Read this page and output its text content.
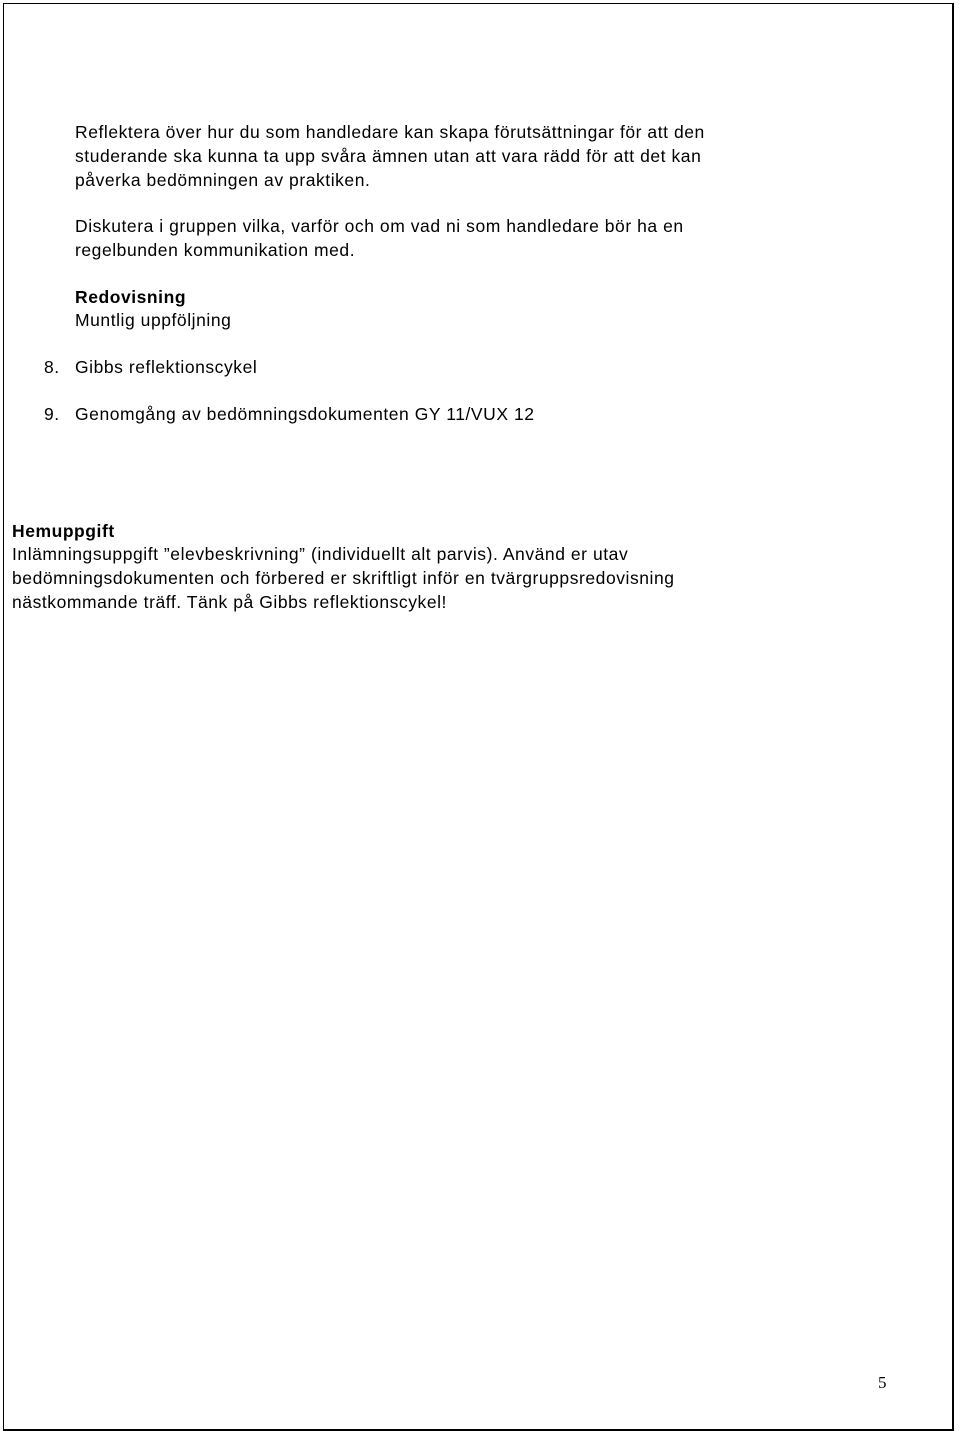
Reflektera över hur du som handledare kan skapa förutsättningar för att den
studerande ska kunna ta upp svåra ämnen utan att vara rädd för att det kan
påverka bedömningen av praktiken.
Diskutera i gruppen vilka, varför och om vad ni som handledare bör ha en
regelbunden kommunikation med.
Redovisning
Muntlig uppföljning
8. Gibbs reflektionscykel
9. Genomgång av bedömningsdokumenten GY 11/VUX 12
Hemuppgift
Inlämningsuppgift ”elevbeskrivning” (individuellt alt parvis). Använd er utav
bedömningsdokumenten och förbered er skriftligt inför en tvärgruppsredovisning
nästkommande träff. Tänk på Gibbs reflektionscykel!
5
